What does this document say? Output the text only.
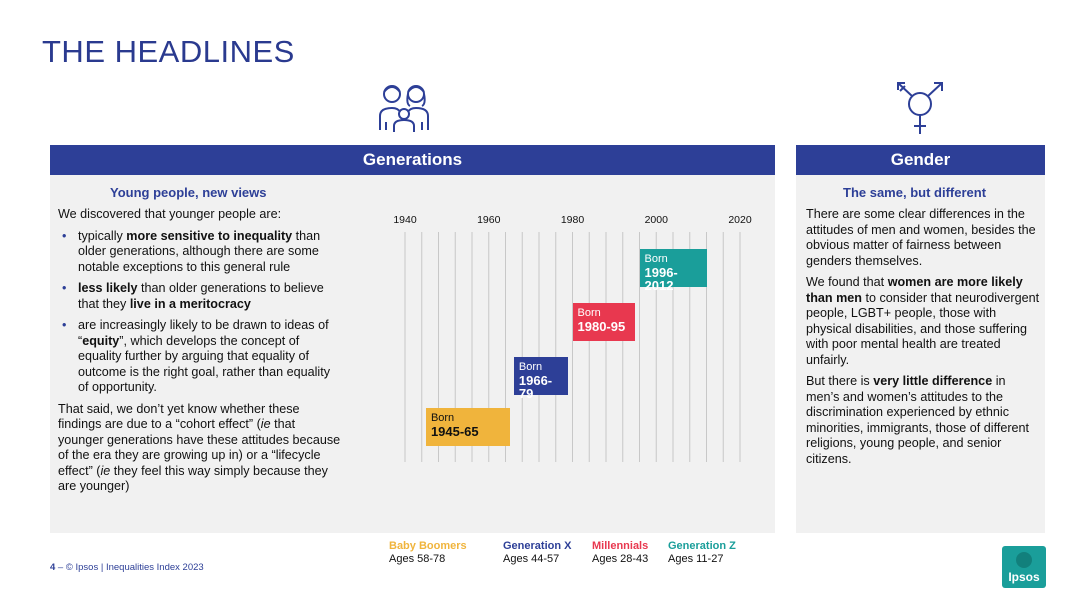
THE HEADLINES
Generations
Young people, new views

We discovered that younger people are:

• typically more sensitive to inequality than older generations, although there are some notable exceptions to this general rule
• less likely than older generations to believe that they live in a meritocracy
• are increasingly likely to be drawn to ideas of “equity”, which develops the concept of equality further by arguing that equality of outcome is the right goal, rather than equality of opportunity.

That said, we don’t yet know whether these findings are due to a “cohort effect” (ie that younger generations have these attitudes because of the era they are growing up in) or a “lifecycle effect” (ie they feel this way simply because they are younger)

1940	1960	1980	2000	2020
Born
1945-65
Baby Boomers
Ages 58-78
Born
1966-79
Generation X
Ages 44-57
Born
1980-95
Millennials
Ages 28-43
Born
1996-2012
Generation Z
Ages 11-27
Gender
The same, but different

There are some clear differences in the attitudes of men and women, besides the obvious matter of fairness between genders themselves.

We found that women are more likely than men to consider that neurodivergent people, LGBT+ people, those with physical disabilities, and those suffering with poor mental health are treated unfairly.

But there is very little difference in men’s and women’s attitudes to the discrimination experienced by ethnic minorities, immigrants, those of different religions, young people, and senior citizens.

4 – © Ipsos | Inequalities Index 2023
Ipsos
